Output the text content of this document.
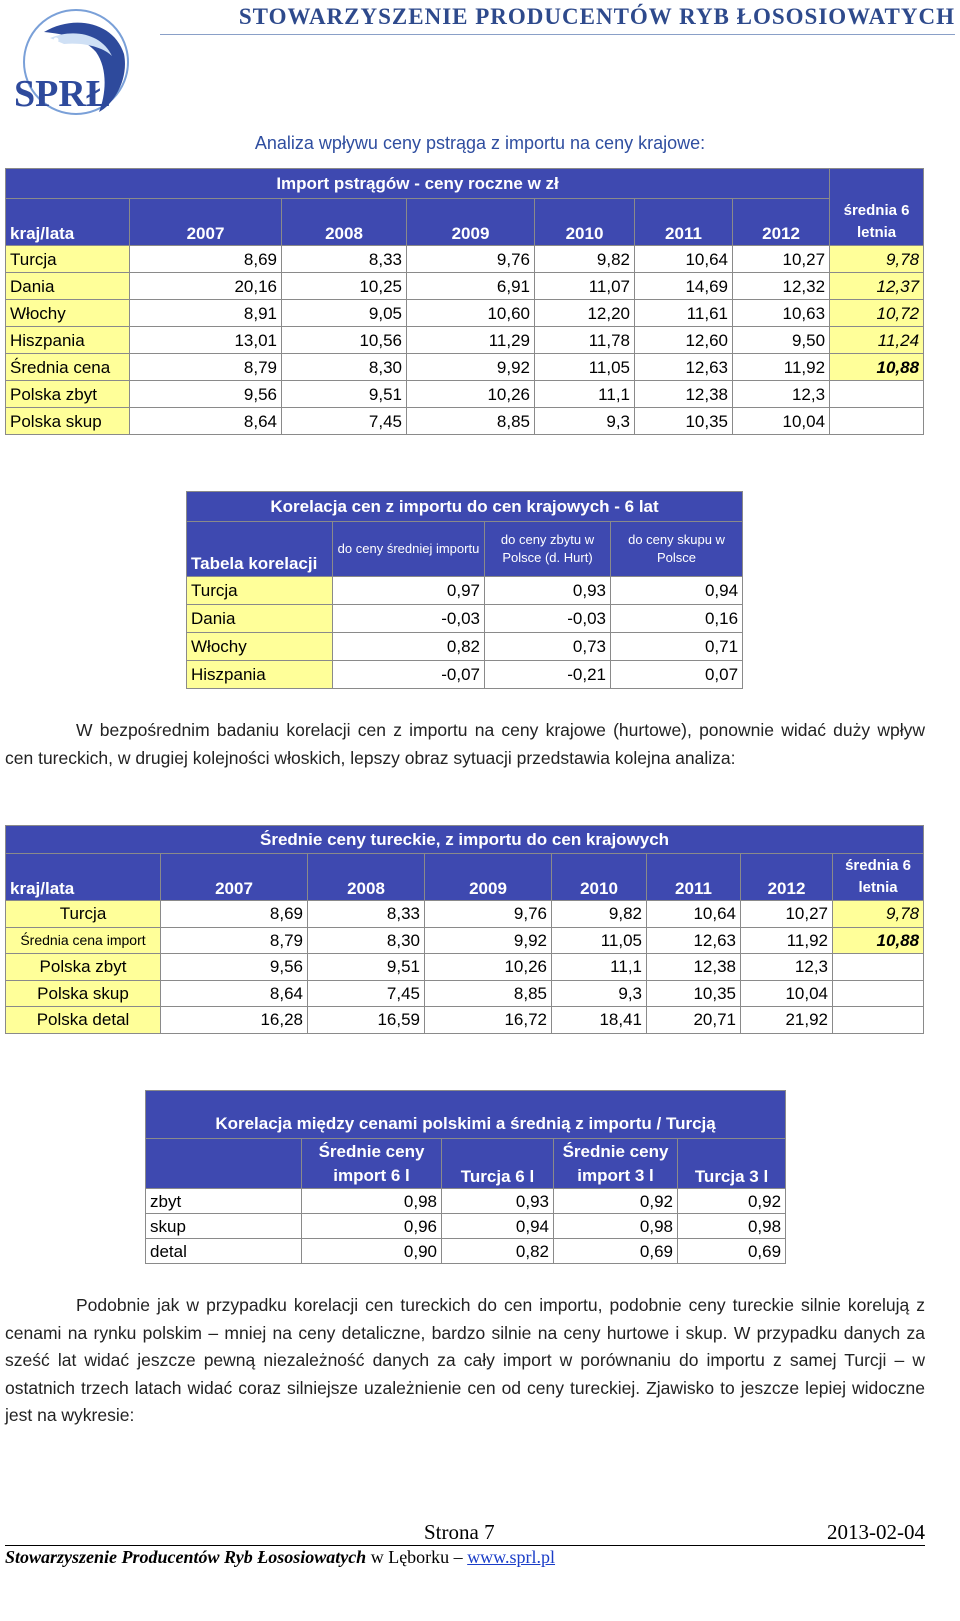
STOWARZYSZENIE PRODUCENTÓW RYB ŁOSOSIOWATYCH
SPRŁ
Analiza wpływu ceny pstrąga z importu na ceny krajowe:
Import pstrągów - ceny roczne w zł							
kraj/lata	2007	2008	2009	2010	2011	2012	średnia 6 letnia
Turcja	8,69	8,33	9,76	9,82	10,64	10,27	9,78
Dania	20,16	10,25	6,91	11,07	14,69	12,32	12,37
Włochy	8,91	9,05	10,60	12,20	11,61	10,63	10,72
Hiszpania	13,01	10,56	11,29	11,78	12,60	9,50	11,24
Średnia cena	8,79	8,30	9,92	11,05	12,63	11,92	10,88
Polska zbyt	9,56	9,51	10,26	11,1	12,38	12,3	
Polska skup	8,64	7,45	8,85	9,3	10,35	10,04	
Korelacja cen z importu do cen krajowych - 6 lat			
Tabela korelacji	do ceny średniej importu	do ceny zbytu w Polsce (d. Hurt)	do ceny skupu w Polsce
Turcja	0,97	0,93	0,94
Dania	-0,03	-0,03	0,16
Włochy	0,82	0,73	0,71
Hiszpania	-0,07	-0,21	0,07
W bezpośrednim badaniu korelacji cen z importu na ceny krajowe (hurtowe), ponownie widać duży wpływ cen tureckich, w drugiej kolejności włoskich, lepszy obraz sytuacji przedstawia kolejna analiza:
Średnie ceny tureckie, z importu do cen krajowych							
kraj/lata	2007	2008	2009	2010	2011	2012	średnia 6 letnia
Turcja	8,69	8,33	9,76	9,82	10,64	10,27	9,78
Średnia cena import	8,79	8,30	9,92	11,05	12,63	11,92	10,88
Polska zbyt	9,56	9,51	10,26	11,1	12,38	12,3	
Polska skup	8,64	7,45	8,85	9,3	10,35	10,04	
Polska detal	16,28	16,59	16,72	18,41	20,71	21,92	
Korelacja między cenami polskimi a średnią z importu / Turcją				
	Średnie ceny import 6 l	Turcja 6 l	Średnie ceny import 3 l	Turcja 3 l
zbyt	0,98	0,93	0,92	0,92
skup	0,96	0,94	0,98	0,98
detal	0,90	0,82	0,69	0,69
Podobnie jak w przypadku korelacji cen tureckich do cen importu, podobnie ceny tureckie silnie korelują z cenami na rynku polskim – mniej na ceny detaliczne, bardzo silnie na ceny hurtowe i skup. W przypadku danych za sześć lat widać jeszcze pewną niezależność danych za cały import w porównaniu do importu z samej Turcji – w ostatnich trzech latach widać coraz silniejsze uzależnienie cen od ceny tureckiej. Zjawisko to jeszcze lepiej widoczne jest na wykresie:
Strona 7	2013-02-04
Stowarzyszenie Producentów Ryb Łososiowatych w Lęborku – www.sprl.pl
